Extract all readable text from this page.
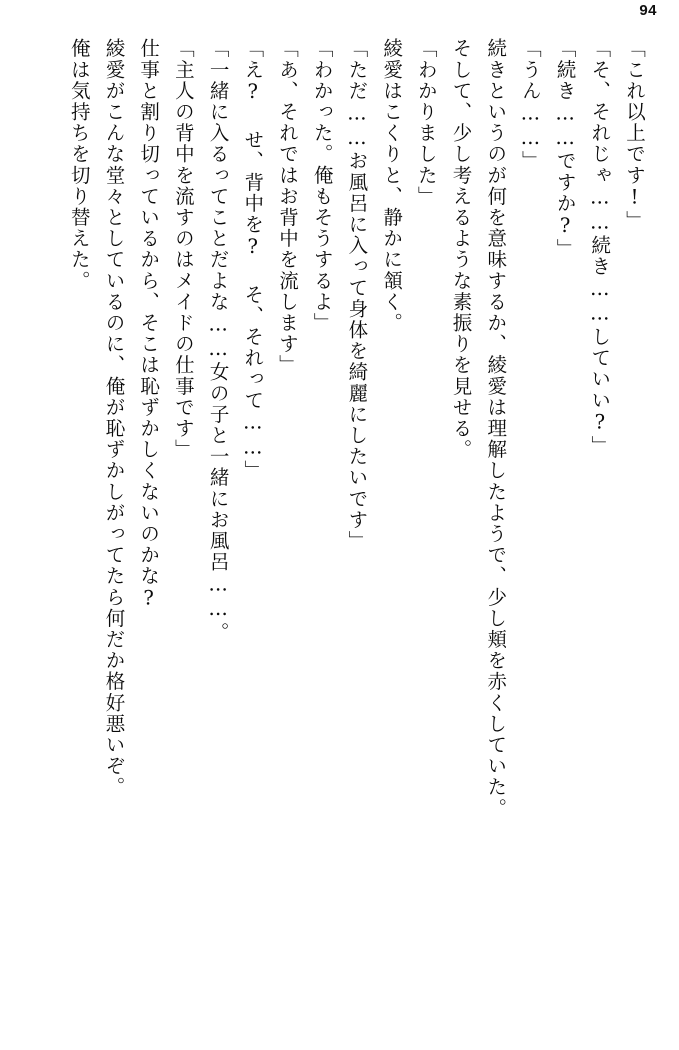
94

「これ以上です!」

「そ、それじゃ……続き……していい?」

「続き……ですか?」

「うん……」

続きというのが何を意味するか、綾愛は理解したようで、少し頬を赤くしていた。

そして、少し考えるような素振りを見せる。

「わかりました」

綾愛はこくりと、静かに頷く。

「ただ……お風呂に入って身体を綺麗にしたいです」

「わかった。俺もそうするよ」

「あ、それではお背中を流します」

「え? せ、背中を? そ、それって……」

「一緒に入るってことだよな……女の子と一緒にお風呂……。

「主人の背中を流すのはメイドの仕事です」

仕事と割り切っているから、そこは恥ずかしくないのかな?

綾愛がこんな堂々としているのに、俺が恥ずかしがってたら何だか格好悪いぞ。

俺は気持ちを切り替えた。
